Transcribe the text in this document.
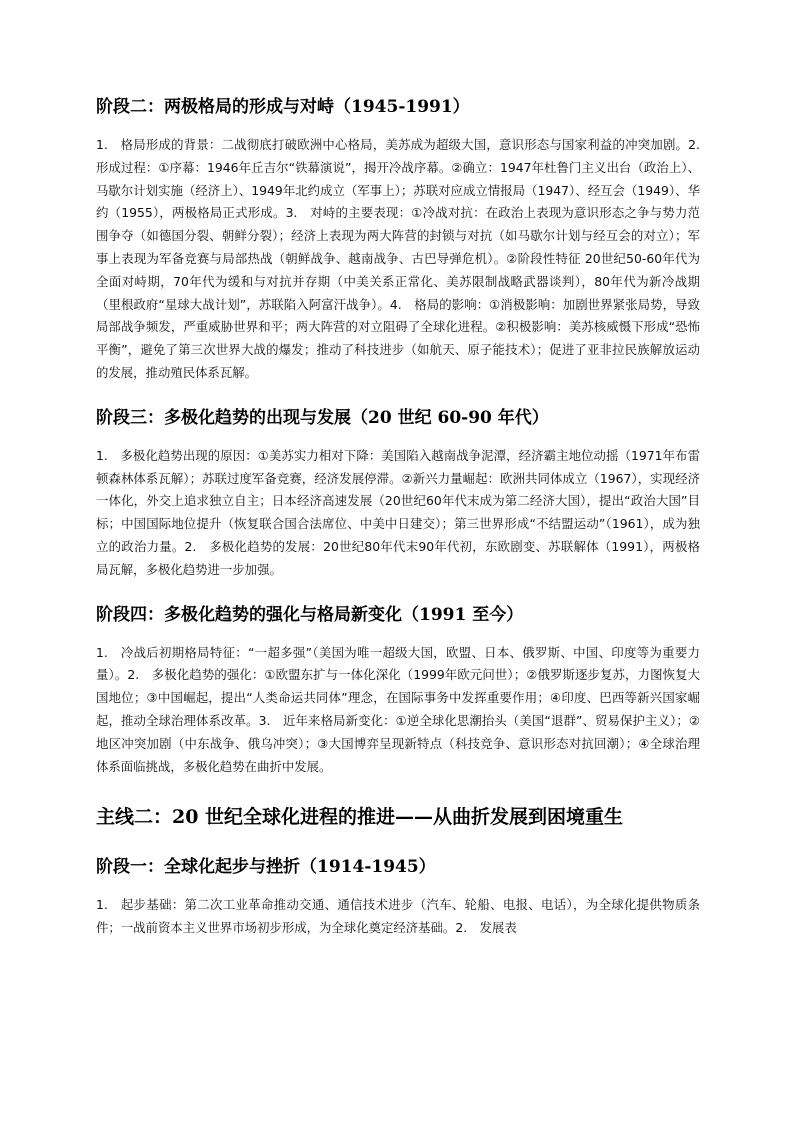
阶段二：两极格局的形成与对峙（1945-1991）

1.　格局形成的背景：二战彻底打破欧洲中心格局，美苏成为超级大国，意识形态与国家利益的冲突加剧。2.　形成过程：①序幕：1946年丘吉尔“铁幕演说”，揭开冷战序幕。②确立：1947年杜鲁门主义出台（政治上）、马歇尔计划实施（经济上）、1949年北约成立（军事上）；苏联对应成立情报局（1947）、经互会（1949）、华约（1955），两极格局正式形成。3.　对峙的主要表现：①冷战对抗：在政治上表现为意识形态之争与势力范围争夺（如德国分裂、朝鲜分裂）；经济上表现为两大阵营的封锁与对抗（如马歇尔计划与经互会的对立）；军事上表现为军备竞赛与局部热战（朝鲜战争、越南战争、古巴导弹危机）。②阶段性特征 20世纪50-60年代为全面对峙期，70年代为缓和与对抗并存期（中美关系正常化、美苏限制战略武器谈判），80年代为新冷战期（里根政府“星球大战计划”，苏联陷入阿富汗战争）。4.　格局的影响：①消极影响：加剧世界紧张局势，导致局部战争频发，严重威胁世界和平；两大阵营的对立阻碍了全球化进程。②积极影响：美苏核威慑下形成“恐怖平衡”，避免了第三次世界大战的爆发；推动了科技进步（如航天、原子能技术）；促进了亚非拉民族解放运动的发展，推动殖民体系瓦解。

阶段三：多极化趋势的出现与发展（20 世纪 60-90 年代）

1.　多极化趋势出现的原因：①美苏实力相对下降：美国陷入越南战争泥潭，经济霸主地位动摇（1971年布雷顿森林体系瓦解）；苏联过度军备竞赛，经济发展停滞。②新兴力量崛起：欧洲共同体成立（1967），实现经济一体化，外交上追求独立自主；日本经济高速发展（20世纪60年代末成为第二经济大国），提出“政治大国”目标；中国国际地位提升（恢复联合国合法席位、中美中日建交）；第三世界形成“不结盟运动”（1961），成为独立的政治力量。2.　多极化趋势的发展：20世纪80年代末90年代初，东欧剧变、苏联解体（1991），两极格局瓦解，多极化趋势进一步加强。

阶段四：多极化趋势的强化与格局新变化（1991 至今）

1.　冷战后初期格局特征：“一超多强”（美国为唯一超级大国，欧盟、日本、俄罗斯、中国、印度等为重要力量）。2.　多极化趋势的强化：①欧盟东扩与一体化深化（1999年欧元问世）；②俄罗斯逐步复苏，力图恢复大国地位；③中国崛起，提出“人类命运共同体”理念，在国际事务中发挥重要作用；④印度、巴西等新兴国家崛起，推动全球治理体系改革。3.　近年来格局新变化：①逆全球化思潮抬头（美国“退群”、贸易保护主义）；②地区冲突加剧（中东战争、俄乌冲突）；③大国博弈呈现新特点（科技竞争、意识形态对抗回潮）；④全球治理体系面临挑战，多极化趋势在曲折中发展。

主线二：20 世纪全球化进程的推进——从曲折发展到困境重生
阶段一：全球化起步与挫折（1914-1945）

1.　起步基础：第二次工业革命推动交通、通信技术进步（汽车、轮船、电报、电话），为全球化提供物质条件；一战前资本主义世界市场初步形成，为全球化奠定经济基础。2.　发展表
